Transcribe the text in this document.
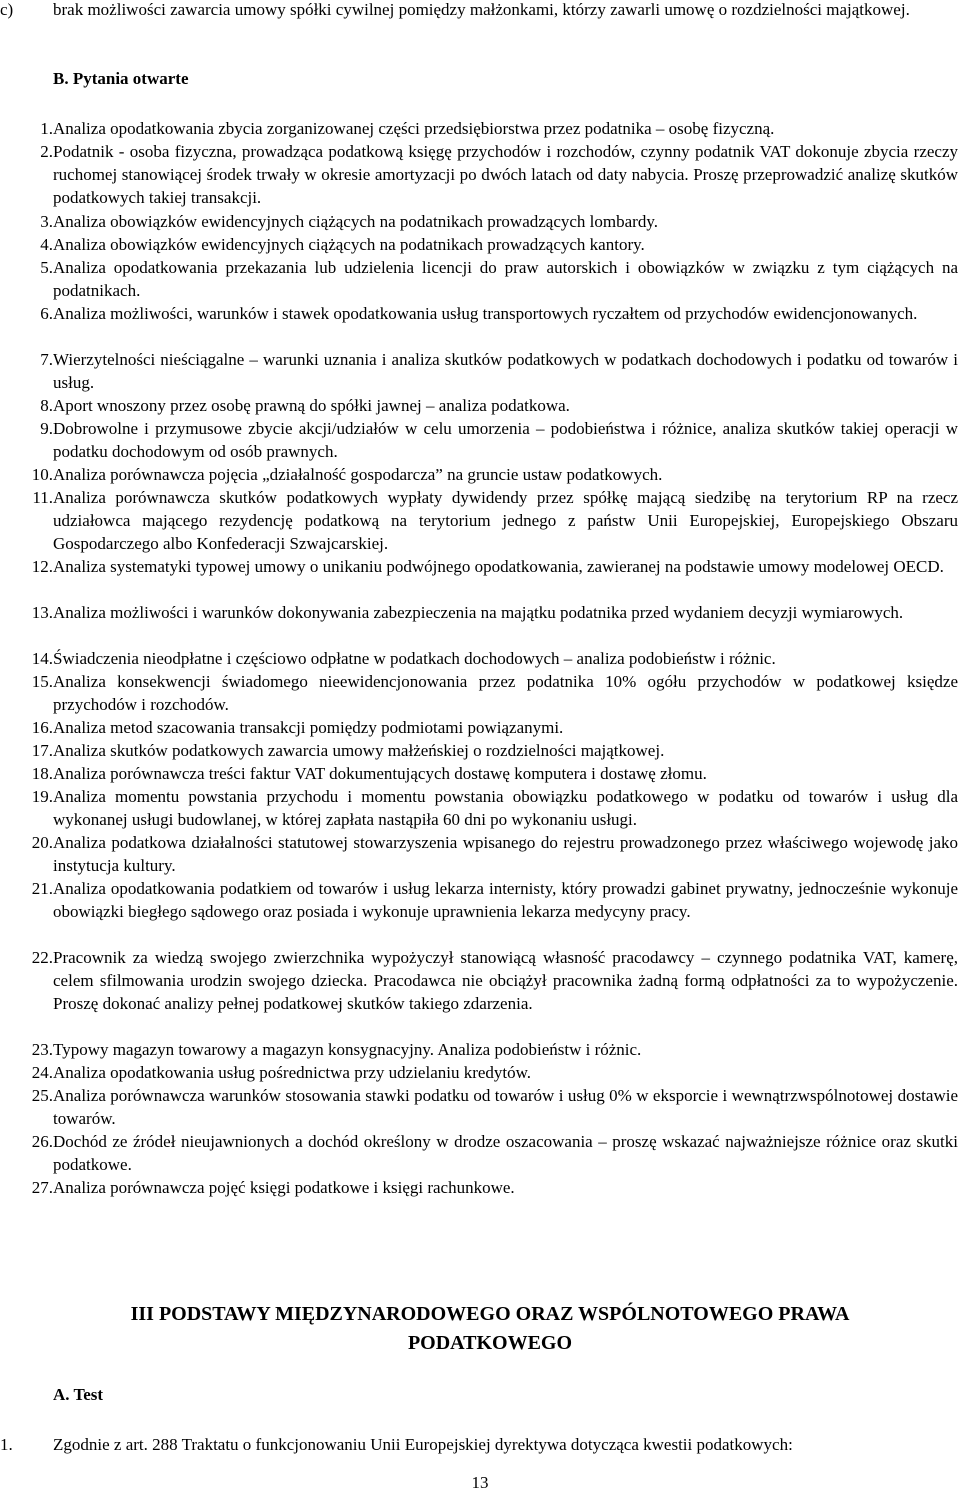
c)	brak możliwości zawarcia umowy spółki cywilnej pomiędzy małżonkami, którzy zawarli umowę o rozdzielności majątkowej.
B. Pytania otwarte
1. Analiza opodatkowania zbycia zorganizowanej części przedsiębiorstwa przez podatnika – osobę fizyczną.
2. Podatnik - osoba fizyczna, prowadząca podatkową księgę przychodów i rozchodów, czynny podatnik VAT dokonuje zbycia rzeczy ruchomej stanowiącej środek trwały w okresie amortyzacji po dwóch latach od daty nabycia. Proszę przeprowadzić analizę skutków podatkowych takiej transakcji.
3. Analiza obowiązków ewidencyjnych ciążących na podatnikach prowadzących lombardy.
4. Analiza obowiązków ewidencyjnych ciążących na podatnikach prowadzących kantory.
5. Analiza opodatkowania przekazania lub udzielenia licencji do praw autorskich i obowiązków w związku z tym ciążących na podatnikach.
6. Analiza możliwości, warunków i stawek opodatkowania usług transportowych ryczałtem od przychodów ewidencjonowanych.
7. Wierzytelności nieściągalne – warunki uznania i analiza skutków podatkowych w podatkach dochodowych i podatku od towarów i usług.
8. Aport wnoszony przez osobę prawną do spółki jawnej – analiza podatkowa.
9. Dobrowolne i przymusowe zbycie akcji/udziałów w celu umorzenia – podobieństwa i różnice, analiza skutków takiej operacji w podatku dochodowym od osób prawnych.
10. Analiza porównawcza pojęcia „działalność gospodarcza” na gruncie ustaw podatkowych.
11. Analiza porównawcza skutków podatkowych wypłaty dywidendy przez spółkę mającą siedzibę na terytorium RP na rzecz udziałowca mającego rezydencję podatkową na terytorium jednego z państw Unii Europejskiej, Europejskiego Obszaru Gospodarczego albo Konfederacji Szwajcarskiej.
12. Analiza systematyki typowej umowy o unikaniu podwójnego opodatkowania, zawieranej na podstawie umowy modelowej OECD.
13. Analiza możliwości i warunków dokonywania zabezpieczenia na majątku podatnika przed wydaniem decyzji wymiarowych.
14. Świadczenia nieodpłatne i częściowo odpłatne w podatkach dochodowych – analiza podobieństw i różnic.
15. Analiza konsekwencji świadomego nieewidencjonowania przez podatnika 10% ogółu przychodów w podatkowej księdze przychodów i rozchodów.
16. Analiza metod szacowania transakcji pomiędzy podmiotami powiązanymi.
17. Analiza skutków podatkowych zawarcia umowy małżeńskiej o rozdzielności majątkowej.
18. Analiza porównawcza treści faktur VAT dokumentujących dostawę komputera i dostawę złomu.
19. Analiza momentu powstania przychodu i momentu powstania obowiązku podatkowego w podatku od towarów i usług dla wykonanej usługi budowlanej, w której zapłata nastąpiła 60 dni po wykonaniu usługi.
20. Analiza podatkowa działalności statutowej stowarzyszenia wpisanego do rejestru prowadzonego przez właściwego wojewodę jako instytucja kultury.
21. Analiza opodatkowania podatkiem od towarów i usług lekarza internisty, który prowadzi gabinet prywatny, jednocześnie wykonuje obowiązki biegłego sądowego oraz posiada i wykonuje uprawnienia lekarza medycyny pracy.
22. Pracownik za wiedzą swojego zwierzchnika wypożyczył stanowiącą własność pracodawcy – czynnego podatnika VAT, kamerę, celem sfilmowania urodzin swojego dziecka. Pracodawca nie obciążył pracownika żadną formą odpłatności za to wypożyczenie. Proszę dokonać analizy pełnej podatkowej skutków takiego zdarzenia.
23. Typowy magazyn towarowy a magazyn konsygnacyjny. Analiza podobieństw i różnic.
24. Analiza opodatkowania usług pośrednictwa przy udzielaniu kredytów.
25. Analiza porównawcza warunków stosowania stawki podatku od towarów i usług 0% w eksporcie i wewnątrzwspólnotowej dostawie towarów.
26. Dochód ze źródeł nieujawnionych a dochód określony w drodze oszacowania – proszę wskazać najważniejsze różnice oraz skutki podatkowe.
27. Analiza porównawcza pojęć księgi podatkowe i księgi rachunkowe.
III PODSTAWY MIĘDZYNARODOWEGO ORAZ WSPÓLNOTOWEGO PRAWA
PODATKOWEGO
A. Test
1.	Zgodnie z art. 288 Traktatu o funkcjonowaniu Unii Europejskiej dyrektywa dotycząca kwestii podatkowych:
13
